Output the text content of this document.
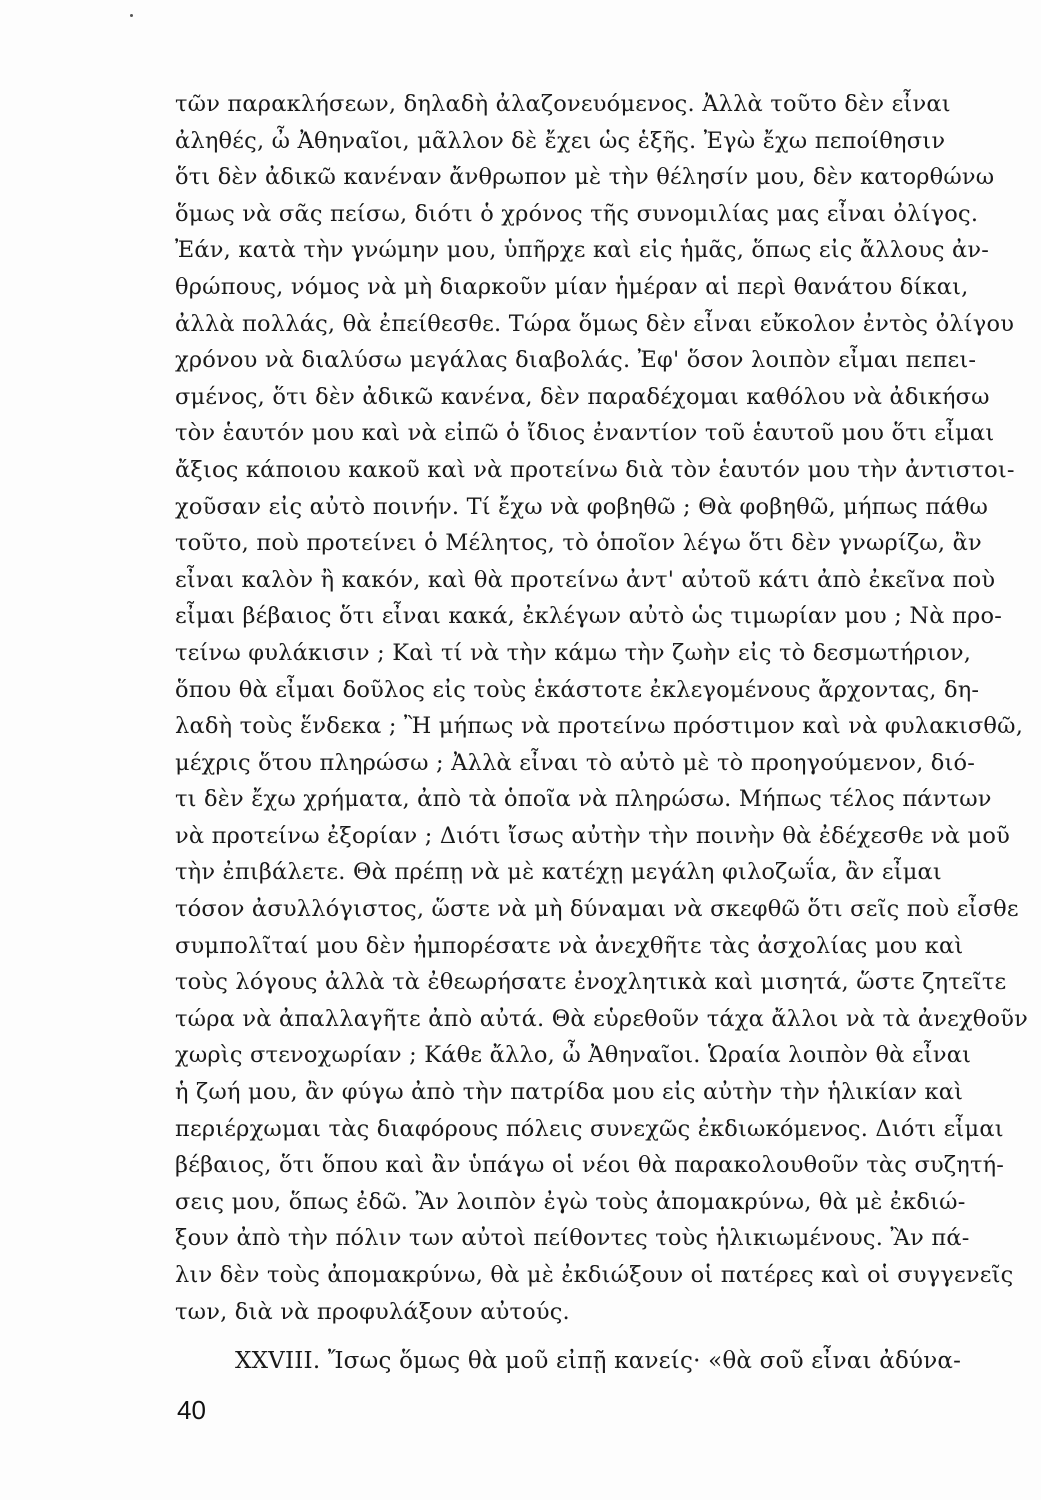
τῶν παρακλήσεων, δηλαδὴ ἀλαζονευόμενος. Ἀλλὰ τοῦτο δὲν εἶναι
ἀληθές, ὦ Ἀθηναῖοι, μᾶλλον δὲ ἔχει ὡς ἑξῆς. Ἐγὼ ἔχω πεποίθησιν
ὅτι δὲν ἀδικῶ κανέναν ἄνθρωπον μὲ τὴν θέλησίν μου, δὲν κατορθώνω
ὅμως νὰ σᾶς πείσω, διότι ὁ χρόνος τῆς συνομιλίας μας εἶναι ὀλίγος.
Ἐάν, κατὰ τὴν γνώμην μου, ὑπῆρχε καὶ εἰς ἡμᾶς, ὅπως εἰς ἄλλους ἀν-
θρώπους, νόμος νὰ μὴ διαρκοῦν μίαν ἡμέραν αἱ περὶ θανάτου δίκαι,
ἀλλὰ πολλάς, θὰ ἐπείθεσθε. Τώρα ὅμως δὲν εἶναι εὔκολον ἐντὸς ὀλίγου
χρόνου νὰ διαλύσω μεγάλας διαβολάς. Ἐφ' ὅσον λοιπὸν εἶμαι πεπει-
σμένος, ὅτι δὲν ἀδικῶ κανένα, δὲν παραδέχομαι καθόλου νὰ ἀδικήσω
τὸν ἑαυτόν μου καὶ νὰ εἰπῶ ὁ ἴδιος ἐναντίον τοῦ ἑαυτοῦ μου ὅτι εἶμαι
ἄξιος κάποιου κακοῦ καὶ νὰ προτείνω διὰ τὸν ἑαυτόν μου τὴν ἀντιστοι-
χοῦσαν εἰς αὐτὸ ποινήν. Τί ἔχω νὰ φοβηθῶ ; Θὰ φοβηθῶ, μήπως πάθω
τοῦτο, ποὺ προτείνει ὁ Μέλητος, τὸ ὁποῖον λέγω ὅτι δὲν γνωρίζω, ἂν
εἶναι καλὸν ἢ κακόν, καὶ θὰ προτείνω ἀντ' αὐτοῦ κάτι ἀπὸ ἐκεῖνα ποὺ
εἶμαι βέβαιος ὅτι εἶναι κακά, ἐκλέγων αὐτὸ ὡς τιμωρίαν μου ; Νὰ προ-
τείνω φυλάκισιν ; Καὶ τί νὰ τὴν κάμω τὴν ζωὴν εἰς τὸ δεσμωτήριον,
ὅπου θὰ εἶμαι δοῦλος εἰς τοὺς ἑκάστοτε ἐκλεγομένους ἄρχοντας, δη-
λαδὴ τοὺς ἕνδεκα ; Ἢ μήπως νὰ προτείνω πρόστιμον καὶ νὰ φυλακισθῶ,
μέχρις ὅτου πληρώσω ; Ἀλλὰ εἶναι τὸ αὐτὸ μὲ τὸ προηγούμενον, διό-
τι δὲν ἔχω χρήματα, ἀπὸ τὰ ὁποῖα νὰ πληρώσω. Μήπως τέλος πάντων
νὰ προτείνω ἐξορίαν ; Διότι ἴσως αὐτὴν τὴν ποινὴν θὰ ἐδέχεσθε νὰ μοῦ
τὴν ἐπιβάλετε. Θὰ πρέπῃ νὰ μὲ κατέχῃ μεγάλη φιλοζωΐα, ἂν εἶμαι
τόσον ἀσυλλόγιστος, ὥστε νὰ μὴ δύναμαι νὰ σκεφθῶ ὅτι σεῖς ποὺ εἶσθε
συμπολῖταί μου δὲν ἠμπορέσατε νὰ ἀνεχθῆτε τὰς ἀσχολίας μου καὶ
τοὺς λόγους ἀλλὰ τὰ ἐθεωρήσατε ἐνοχλητικὰ καὶ μισητά, ὥστε ζητεῖτε
τώρα νὰ ἀπαλλαγῆτε ἀπὸ αὐτά. Θὰ εὑρεθοῦν τάχα ἄλλοι νὰ τὰ ἀνεχθοῦν
χωρὶς στενοχωρίαν ; Κάθε ἄλλο, ὦ Ἀθηναῖοι. Ὡραία λοιπὸν θὰ εἶναι
ἡ ζωή μου, ἂν φύγω ἀπὸ τὴν πατρίδα μου εἰς αὐτὴν τὴν ἡλικίαν καὶ
περιέρχωμαι τὰς διαφόρους πόλεις συνεχῶς ἐκδιωκόμενος. Διότι εἶμαι
βέβαιος, ὅτι ὅπου καὶ ἂν ὑπάγω οἱ νέοι θὰ παρακολουθοῦν τὰς συζητή-
σεις μου, ὅπως ἐδῶ. Ἂν λοιπὸν ἐγὼ τοὺς ἀπομακρύνω, θὰ μὲ ἐκδιώ-
ξουν ἀπὸ τὴν πόλιν των αὐτοὶ πείθοντες τοὺς ἡλικιωμένους. Ἂν πά-
λιν δὲν τοὺς ἀπομακρύνω, θὰ μὲ ἐκδιώξουν οἱ πατέρες καὶ οἱ συγγενεῖς
των, διὰ νὰ προφυλάξουν αὐτούς.
XXVIII. Ἴσως ὅμως θὰ μοῦ εἰπῇ κανείς· «θὰ σοῦ εἶναι ἀδύνα-
40
